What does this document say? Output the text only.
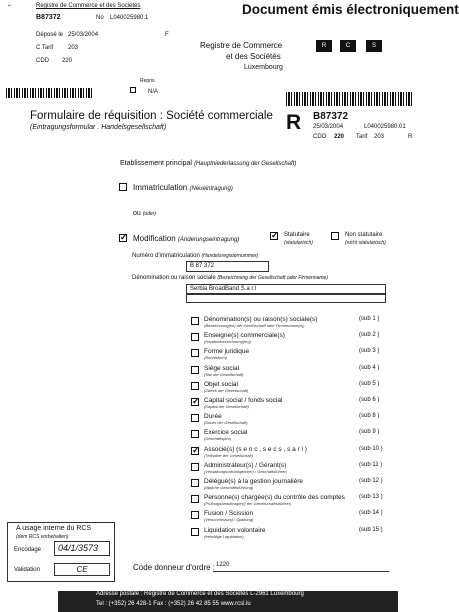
⌐	Registre de Commerce et des Sociétés
B87372	No L040025980.1
Déposé le 25/03/2004	F
C Tarif 203
CDD 220
Document émis électroniquement
Registre de Commerce
et des Sociétés
Luxembourg
R	C	S
Repris
N/A
Formulaire de réquisition : Société commerciale
(Eintragungsformular . Handelsgesellschaft)	R B87372
25/03/2004	L040025980.01
CDO 220 Tarif 203	R
Etablissement principal (Hauptniederlassung der Gesellschaft)
Immatriculation (Neueintragung)
ou (oder)
✓
Modification (Anderungseintragung)
✓
Statutaire
(statutarisch)
Non statutaire
(nicht statutarisch)
Numéro d'immatriculation (Handelsregisternummer)
B 87 372
Dénomination ou raison sociale (Bezeichnung der Gesellschaft oder Firmenname)
Serbia BroadBand S.a r.l
Dénomination(s) ou raison(s) sociale(s)
(Bezeichnung(en) der Gesellschaft oder Firmenname(n))
(sub 1 )
Enseigne(s) commerciale(s)
(Handelsbezeichnung(en))
(sub 2 )
Forme juridique
(Rechtsform)
(sub 3 )
Siège social
(Sitz der Gesellschaft)
(sub 4 )
Objet social
(Zweck der Gesellschaft)
(sub 5 )
✓
Capital social / fonds social
(Kapital der Gesellschaft)
(sub 6 )
Durée
(Dauer der Gesellschaft)
(sub 8 )
Exercice social
(Geschäftsjahr)
(sub 9 )
✓
Associé(s) (s e n c , s e c s , s a r l )
(Teilhaber der Gesellschaft)
(sub 10 )
Administrateur(s) / Gérant(s)
(Verwaltungsratsmitglied(er) / Geschäftsführer)
(sub 11 )
Délégué(s) à la gestion journalière
(tägliche Geschäftsführung)
(sub 12 )
Personne(s) chargée(s) du contrôle des comptes
(Prüfungsbeauftragte(r) der Gesellschaftsbücher)
(sub 13 )
Fusion / Scission
(Verschmelzung / Spaltung)
(sub 14 )
Liquidation volontaire
(freiwillige Liquidation)
(sub 15 )
A usage interne du RCS
(dem RCS vorbehalten)
Encodage	04/1/3573
Validation	CE	Code donneur d'ordre : 1220
Adresse postale : Registre de Commerce et des Sociétés L-2961 Luxembourg
Tel : (+352) 26 428-1 Fax : (+352) 26 42 85 55 www.rcsl.lu
